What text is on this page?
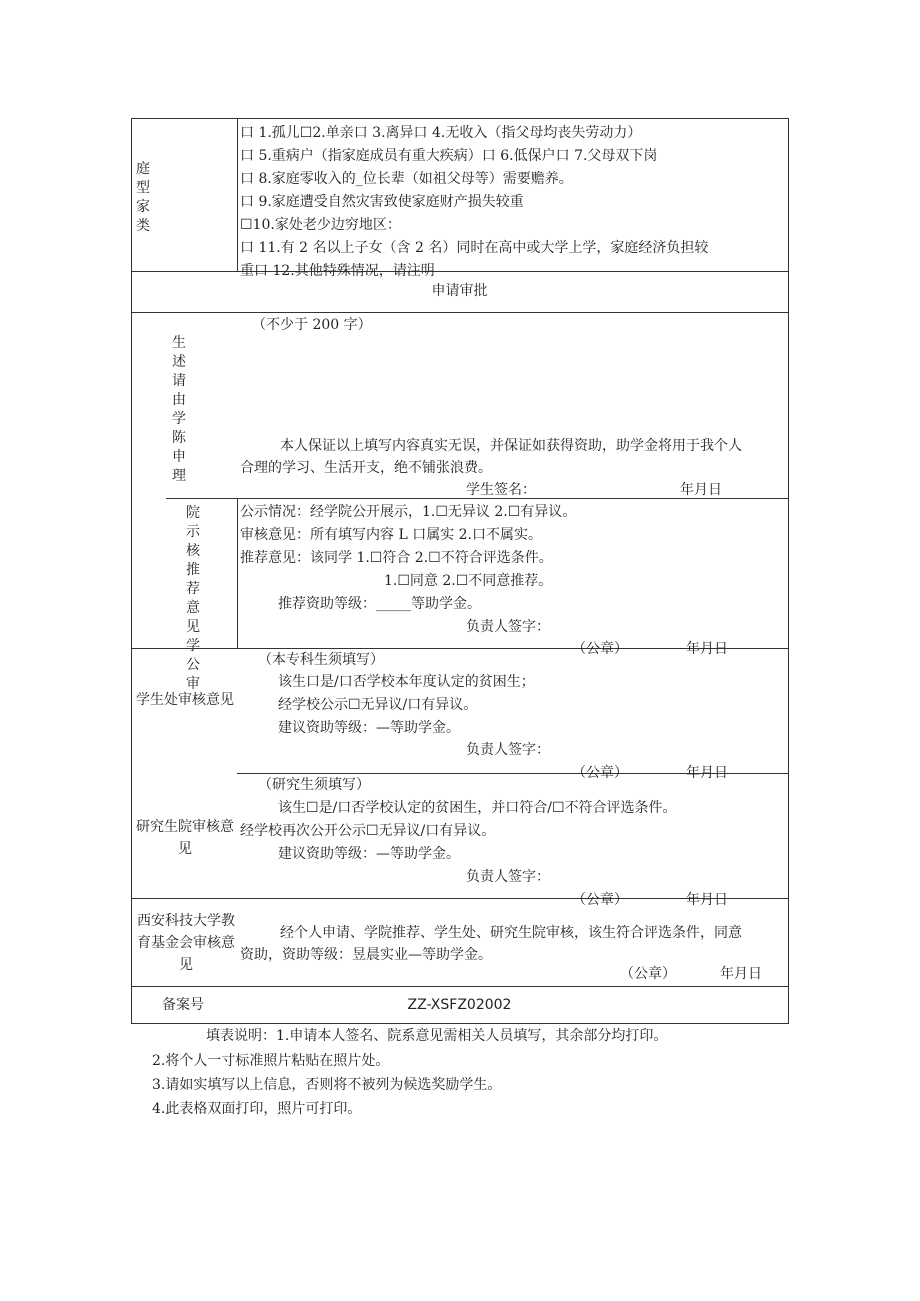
庭型家类
口 1.孤儿☐2.单亲口 3.离异口 4.无收入（指父母均丧失劳动力）
口 5.重病户（指家庭成员有重大疾病）口 6.低保户口 7.父母双下岗
口 8.家庭零收入的_位长辈（如祖父母等）需要赡养。
口 9.家庭遭受自然灾害致使家庭财产损失较重
☐10.家处老少边穷地区：
口 11.有 2 名以上子女（含 2 名）同时在高中或大学上学，家庭经济负担较
重口 12.其他特殊情况，请注明
申请审批
生述请由学陈申理
（不少于 200 字）
本人保证以上填写内容真实无误，并保证如获得资助，助学金将用于我个人
合理的学习、生活开支，绝不铺张浪费。
学生签名：	年月日
院示核推荐意见学公审
公示情况：经学院公开展示，1.☐无异议 2.☐有异议。
审核意见：所有填写内容 L 口属实 2.口不属实。
推荐意见：该同学 1.☐符合 2.☐不符合评选条件。
1.☐同意 2.☐不同意推荐。
推荐资助等级：_____等助学金。
负责人签字：
（公章）	年月日
学生处审核意见
（本专科生须填写）
该生口是/口否学校本年度认定的贫困生；
经学校公示☐无异议/口有异议。
建议资助等级：—等助学金。
负责人签字：
（公章）	年月日
研究生院审核意见
（研究生须填写）
该生☐是/口否学校认定的贫困生，并口符合/☐不符合评选条件。
经学校再次公开公示☐无异议/口有异议。
建议资助等级：—等助学金。
负责人签字：
（公章）	年月日
西安科技大学教育基金会审核意见
经个人申请、学院推荐、学生处、研究生院审核，该生符合评选条件，同意
资助，资助等级：昱晨实业—等助学金。
（公章）	年月日
备案号	ZZ-XSFZ02002
填表说明：1.申请本人签名、院系意见需相关人员填写，其余部分均打印。
2.将个人一寸标准照片粘贴在照片处。
3.请如实填写以上信息，否则将不被列为候选奖励学生。
4.此表格双面打印，照片可打印。
